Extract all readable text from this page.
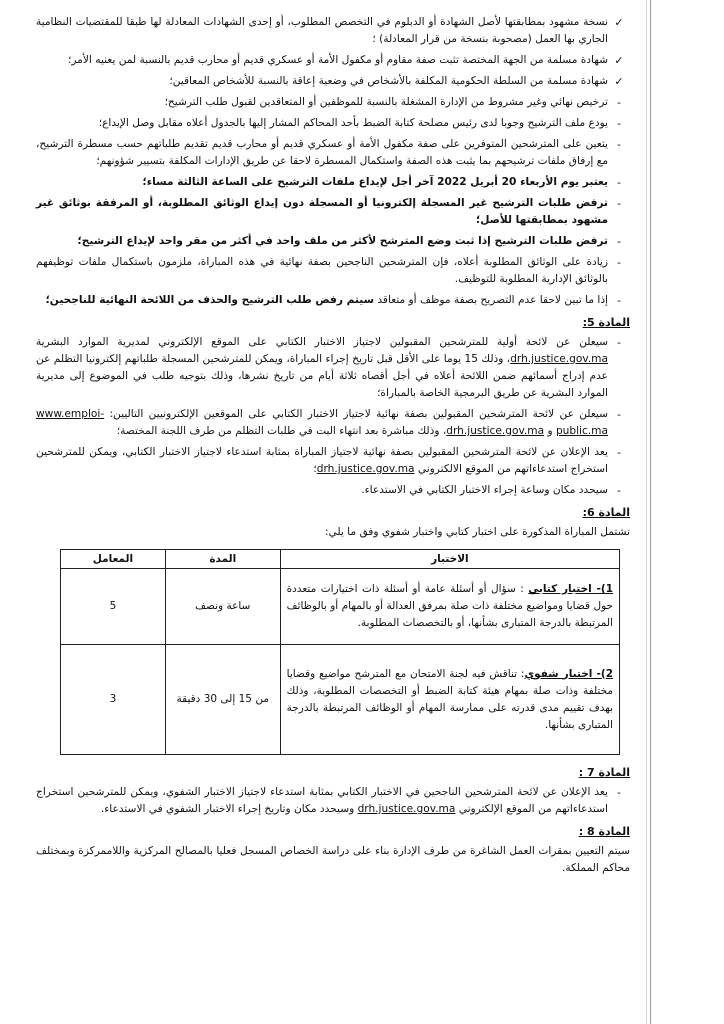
✓
نسخة مشهود بمطابقتها لأصل الشهادة أو الدبلوم في التخصص المطلوب، أو إحدى الشهادات المعادلة لها طبقا للمقتضيات النظامية الجاري بها العمل (مصحوبة بنسخة من قرار المعادلة) ؛
✓
شهادة مسلمة من الجهة المختصة تثبت صفة مقاوم أو مكفول الأمة أو عسكري قديم أو محارب قديم بالنسبة لمن يعنيه الأمر؛
✓
شهادة مسلمة من السلطة الحكومية المكلفة بالأشخاص في وضعية إعاقة بالنسبة للأشخاص المعاقين؛
-
ترخيص نهائي وغير مشروط من الإدارة المشغلة بالنسبة للموظفين أو المتعاقدين لقبول طلب الترشيح؛
-
يودع ملف الترشيح وجوبا لدى رئيس مصلحة كتابة الضبط بأحد المحاكم المشار إليها بالجدول أعلاه مقابل وصل الإيداع؛
-
يتعين على المترشحين المتوفرين على صفة مكفول الأمة أو عسكري قديم أو محارب قديم تقديم طلباتهم حسب مسطرة الترشيح، مع إرفاق ملفات ترشيحهم بما يثبت هذه الصفة واستكمال المسطرة لاحقا عن طريق الإدارات المكلفة بتسيير شؤونهم؛
-
يعتبر يوم الأربعاء 20 أبريل 2022 آخر أجل لإيداع ملفات الترشيح على الساعة الثالثة مساء؛
-
ترفض طلبات الترشيح غير المسجلة إلكترونيا أو المسجلة دون إيداع الوثائق المطلوبة، أو المرفقة بوثائق غير مشهود بمطابقتها للأصل؛
-
ترفض طلبات الترشيح إذا ثبت وضع المترشح لأكثر من ملف واحد في أكثر من مقر واحد لإيداع الترشيح؛
-
زيادة على الوثائق المطلوبة أعلاه، فإن المترشحين الناجحين بصفة نهائية في هذه المباراة، ملزمون باستكمال ملفات توظيفهم بالوثائق الإدارية المطلوبة للتوظيف.
-
إذا ما تبين لاحقا عدم التصريح بصفة موظف أو متعاقد سيتم رفض طلب الترشيح والحذف من اللائحة النهائية للناجحين؛
المادة 5:
-
سيعلن عن لائحة أولية للمترشحين المقبولين لاجتياز الاختبار الكتابي على الموقع الإلكتروني لمديرية الموارد البشرية drh.justice.gov.ma، وذلك 15 يوما على الأقل قبل تاريخ إجراء المباراة، ويمكن للمترشحين المسجلة طلباتهم إلكترونيا التظلم عن عدم إدراج أسمائهم ضمن اللائحة أعلاه في أجل أقصاه ثلاثة أيام من تاريخ نشرها، وذلك بتوجيه طلب في الموضوع إلى مديرية الموارد البشرية عن طريق البرمجية الخاصة بالمباراة؛
-
سيعلن عن لائحة المترشحين المقبولين بصفة نهائية لاجتياز الاختبار الكتابي على الموقعين الإلكترونيين التاليين: www.emploi-public.ma و drh.justice.gov.ma، وذلك مباشرة بعد انتهاء البت في طلبات التظلم من طرف اللجنة المختصة؛
-
يعد الإعلان عن لائحة المترشحين المقبولين بصفة نهائية لاجتياز المباراة بمثابة استدعاء لاجتياز الاختبار الكتابي، ويمكن للمترشحين استخراج استدعاءاتهم من الموقع الالكتروني drh.justice.gov.ma؛
-
سيحدد مكان وساعة إجراء الاختبار الكتابي في الاستدعاء.
المادة 6:
تشتمل المباراة المذكورة على اختبار كتابي واختبار شفوي وفق ما يلي:
الاختبار	المدة	المعامل
1)- اختبار كتابي : سؤال أو أسئلة عامة أو أسئلة ذات اختيارات متعددة حول قضايا ومواضيع مختلفة ذات صلة بمرفق العدالة أو بالمهام أو بالوظائف المرتبطة بالدرجة المتبارى بشأنها، أو بالتخصصات المطلوبة.	ساعة ونصف	5
2)- اختبار شفوي: تناقش فيه لجنة الامتحان مع المترشح مواضيع وقضايا مختلفة وذات صلة بمهام هيئة كتابة الضبط أو التخصصات المطلوبة، وذلك بهدف تقييم مدى قدرته على ممارسة المهام أو الوظائف المرتبطة بالدرجة المتبارى بشأنها.	من 15 إلى 30 دقيقة	3
المادة 7 :
-
يعد الإعلان عن لائحة المترشحين الناجحين في الاختبار الكتابي بمثابة استدعاء لاجتياز الاختبار الشفوي، ويمكن للمترشحين استخراج استدعاءاتهم من الموقع الإلكتروني drh.justice.gov.ma وسيحدد مكان وتاريخ إجراء الاختبار الشفوي في الاستدعاء.
المادة 8 :
سيتم التعيين بمقرات العمل الشاغرة من طرف الإدارة بناء على دراسة الخصاص المسجل فعليا بالمصالح المركزية واللاممركزة وبمختلف محاكم المملكة.
